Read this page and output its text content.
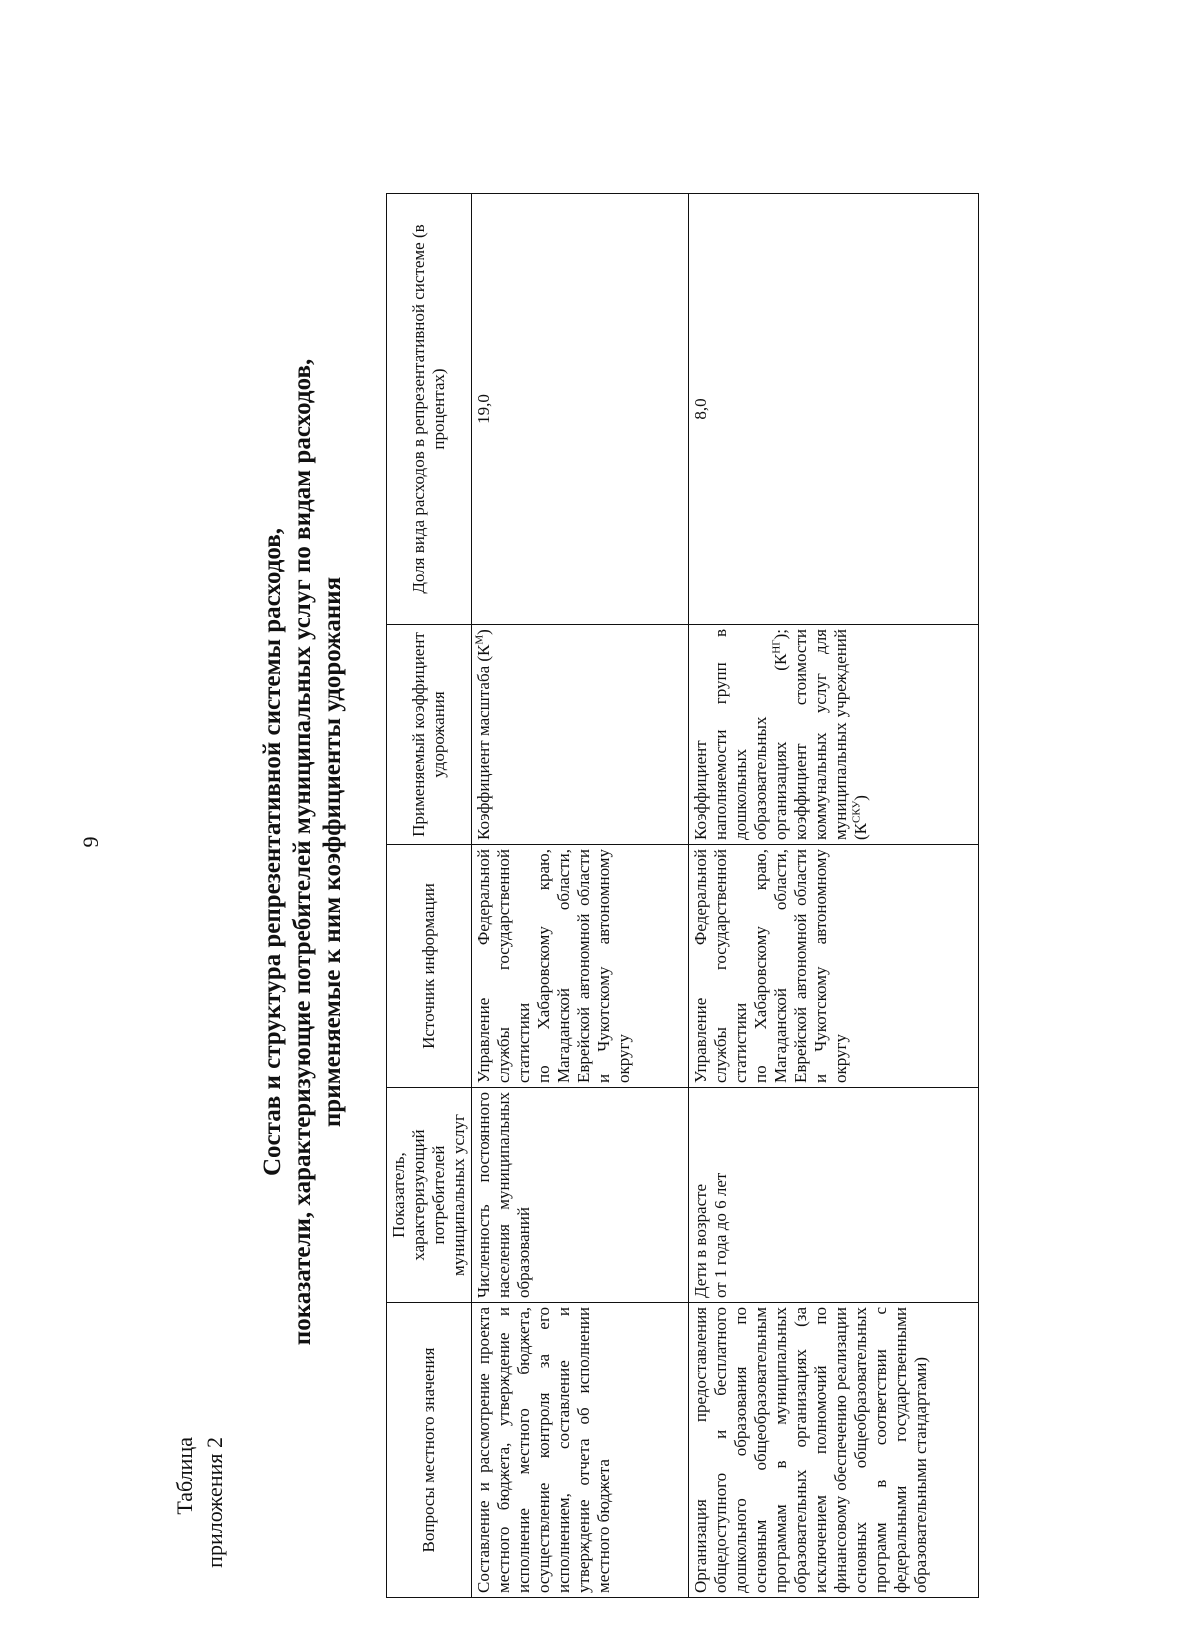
9
Таблица приложения 2
Состав и структура репрезентативной системы расходов, показатели, характеризующие потребителей муниципальных услуг по видам расходов, применяемые к ним коэффициенты удорожания
Вопросы местного значения	Показатель, характеризующий потребителей муниципальных услуг	Источник информации	Применяемый коэффициент удорожания	Доля вида расходов в репрезентативной системе (в процентах)
Составление и рассмотрение проекта местного бюджета, утверждение и исполнение местного бюджета, осуществление контроля за его исполнением, составление и утверждение отчета об исполнении местного бюджета	Численность постоянного населения муниципальных образований	Управление Федеральной службы государственной статистики по Хабаровскому краю, Магаданской области, Еврейской автономной области и Чукотскому автономному округу	Коэффициент масштаба $(К^М)$	19,0
Организация предоставления общедоступного и бесплатного дошкольного образования по основным общеобразовательным программам в муниципальных образовательных организациях (за исключением полномочий по финансовому обеспечению реализации основных общеобразовательных программ в соответствии с федеральными государственными образовательными стандартами)	Дети в возрасте от 1 года до 6 лет	Управление Федеральной службы государственной статистики по Хабаровскому краю, Магаданской области, Еврейской автономной области и Чукотскому автономному округу	Коэффициент наполняемости групп в дошкольных образовательных организациях $(К^{НГ})$; коэффициент стоимости коммунальных услуг для муниципальных учреждений $(К^{СКУ})$	8,0
